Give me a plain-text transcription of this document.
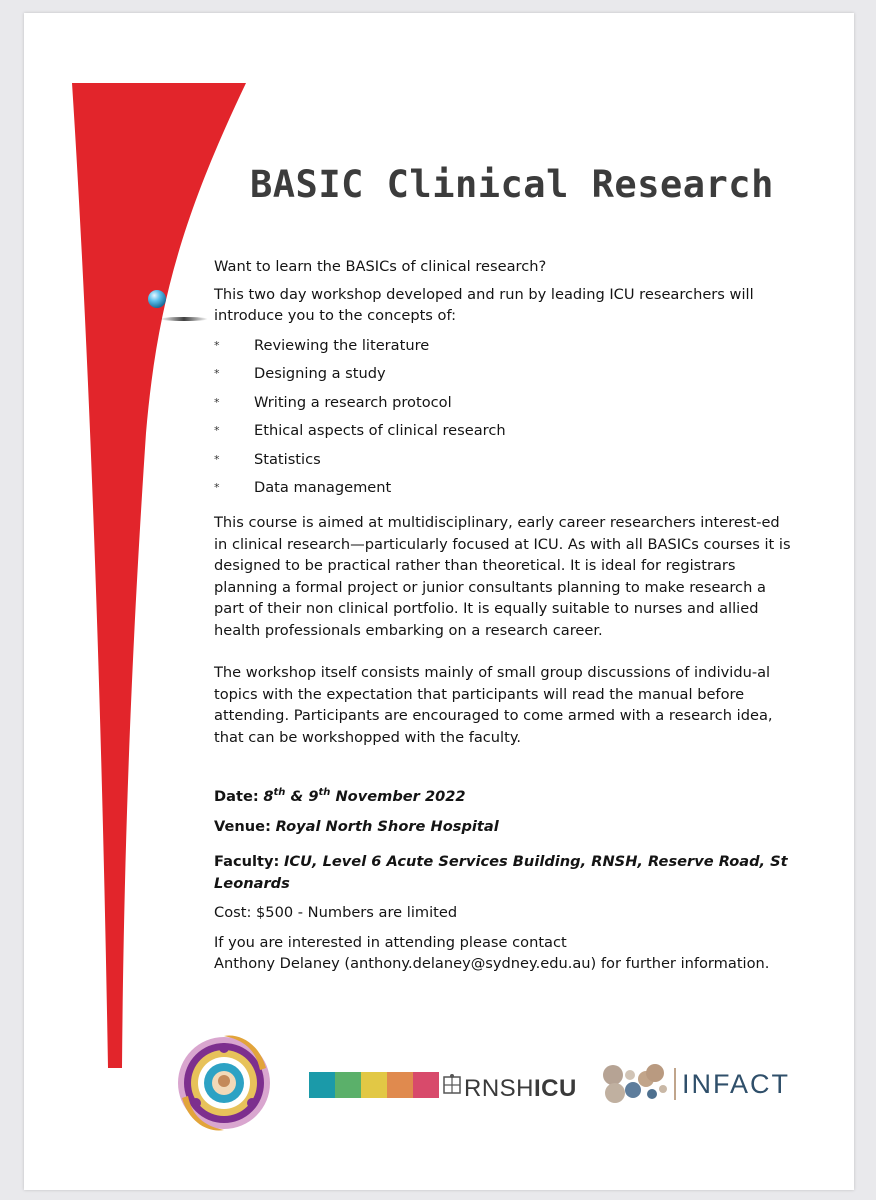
BASIC Clinical Research

Want to learn the BASICs of clinical research?

This two day workshop developed and run by leading ICU researchers will introduce you to the concepts of:

*	Reviewing the literature
*	Designing a study
*	Writing a research protocol
*	Ethical aspects of clinical research
*	Statistics
*	Data management

This course is aimed at multidisciplinary, early career researchers interest-ed in clinical research—particularly focused at ICU. As with all BASICs courses it is designed to be practical rather than theoretical. It is ideal for registrars planning a formal project or junior consultants planning to make research a part of their non clinical portfolio. It is equally suitable to nurses and allied health professionals embarking on a research career.

The workshop itself consists mainly of small group discussions of individu-al topics with the expectation that participants will read the manual before attending. Participants are encouraged to come armed with a research idea, that can be workshopped with the faculty.

Date: 8th & 9th November 2022

Venue: Royal North Shore Hospital

Faculty: ICU, Level 6 Acute Services Building, RNSH, Reserve Road, St Leonards

Cost: $500 - Numbers are limited

If you are interested in attending please contact

Anthony Delaney (anthony.delaney@sydney.edu.au) for further information.

RNSHICU	INFACT
